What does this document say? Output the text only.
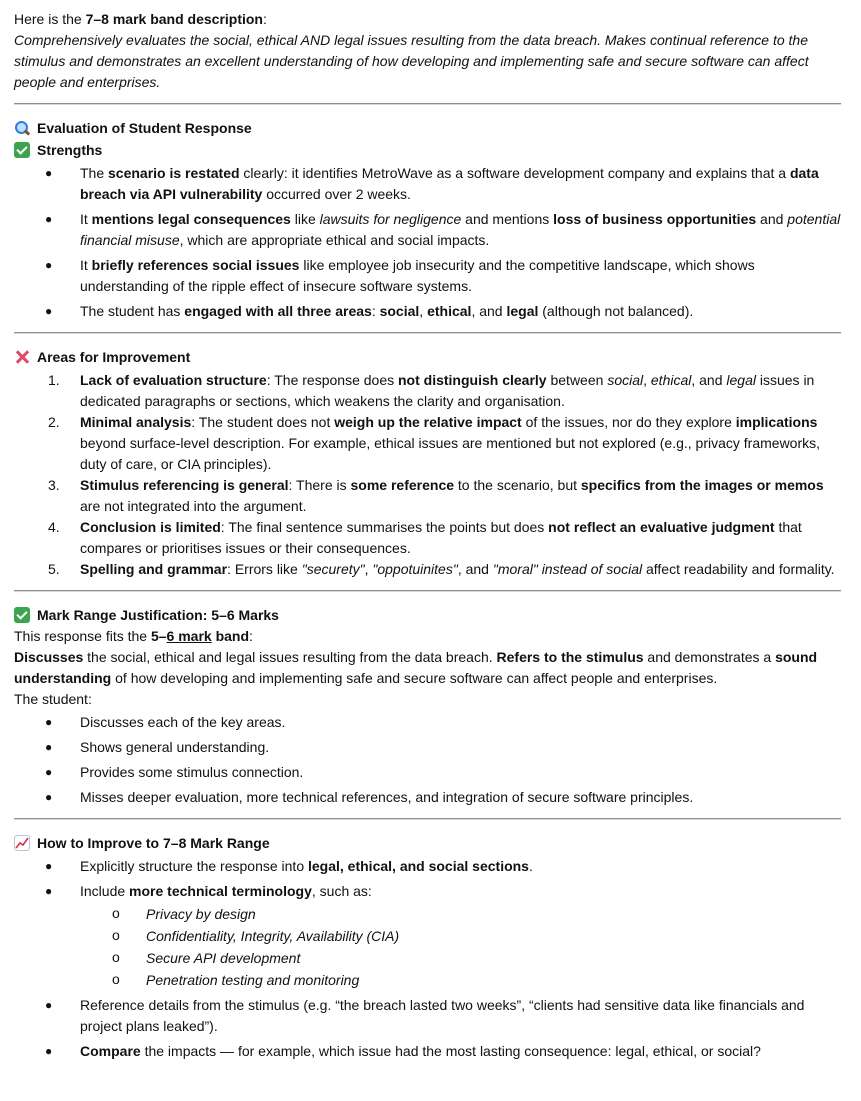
Here is the 7–8 mark band description:

Comprehensively evaluates the social, ethical AND legal issues resulting from the data breach. Makes continual reference to the stimulus and demonstrates an excellent understanding of how developing and implementing safe and secure software can affect people and enterprises.

Evaluation of Student Response
Strengths
● The scenario is restated clearly: it identifies MetroWave as a software development company and explains that a data breach via API vulnerability occurred over 2 weeks.
● It mentions legal consequences like lawsuits for negligence and mentions loss of business opportunities and potential financial misuse, which are appropriate ethical and social impacts.
● It briefly references social issues like employee job insecurity and the competitive landscape, which shows understanding of the ripple effect of insecure software systems.
● The student has engaged with all three areas: social, ethical, and legal (although not balanced).
Areas for Improvement
1. Lack of evaluation structure: The response does not distinguish clearly between social, ethical, and legal issues in dedicated paragraphs or sections, which weakens the clarity and organisation.
2. Minimal analysis: The student does not weigh up the relative impact of the issues, nor do they explore implications beyond surface-level description. For example, ethical issues are mentioned but not explored (e.g., privacy frameworks, duty of care, or CIA principles).
3. Stimulus referencing is general: There is some reference to the scenario, but specifics from the images or memos are not integrated into the argument.
4. Conclusion is limited: The final sentence summarises the points but does not reflect an evaluative judgment that compares or prioritises issues or their consequences.
5. Spelling and grammar: Errors like "securety", "oppotuinites", and "moral" instead of social affect readability and formality.
Mark Range Justification: 5–6 Marks

This response fits the 5–6 mark band:

Discusses the social, ethical and legal issues resulting from the data breach. Refers to the stimulus and demonstrates a sound understanding of how developing and implementing safe and secure software can affect people and enterprises.

The student:

● Discusses each of the key areas.
● Shows general understanding.
● Provides some stimulus connection.
● Misses deeper evaluation, more technical references, and integration of secure software principles.
How to Improve to 7–8 Mark Range
● Explicitly structure the response into legal, ethical, and social sections.
● Include more technical terminology, such as:
o Privacy by design
o Confidentiality, Integrity, Availability (CIA)
o Secure API development
o Penetration testing and monitoring
● Reference details from the stimulus (e.g. “the breach lasted two weeks”, “clients had sensitive data like financials and project plans leaked”).
● Compare the impacts — for example, which issue had the most lasting consequence: legal, ethical, or social?
